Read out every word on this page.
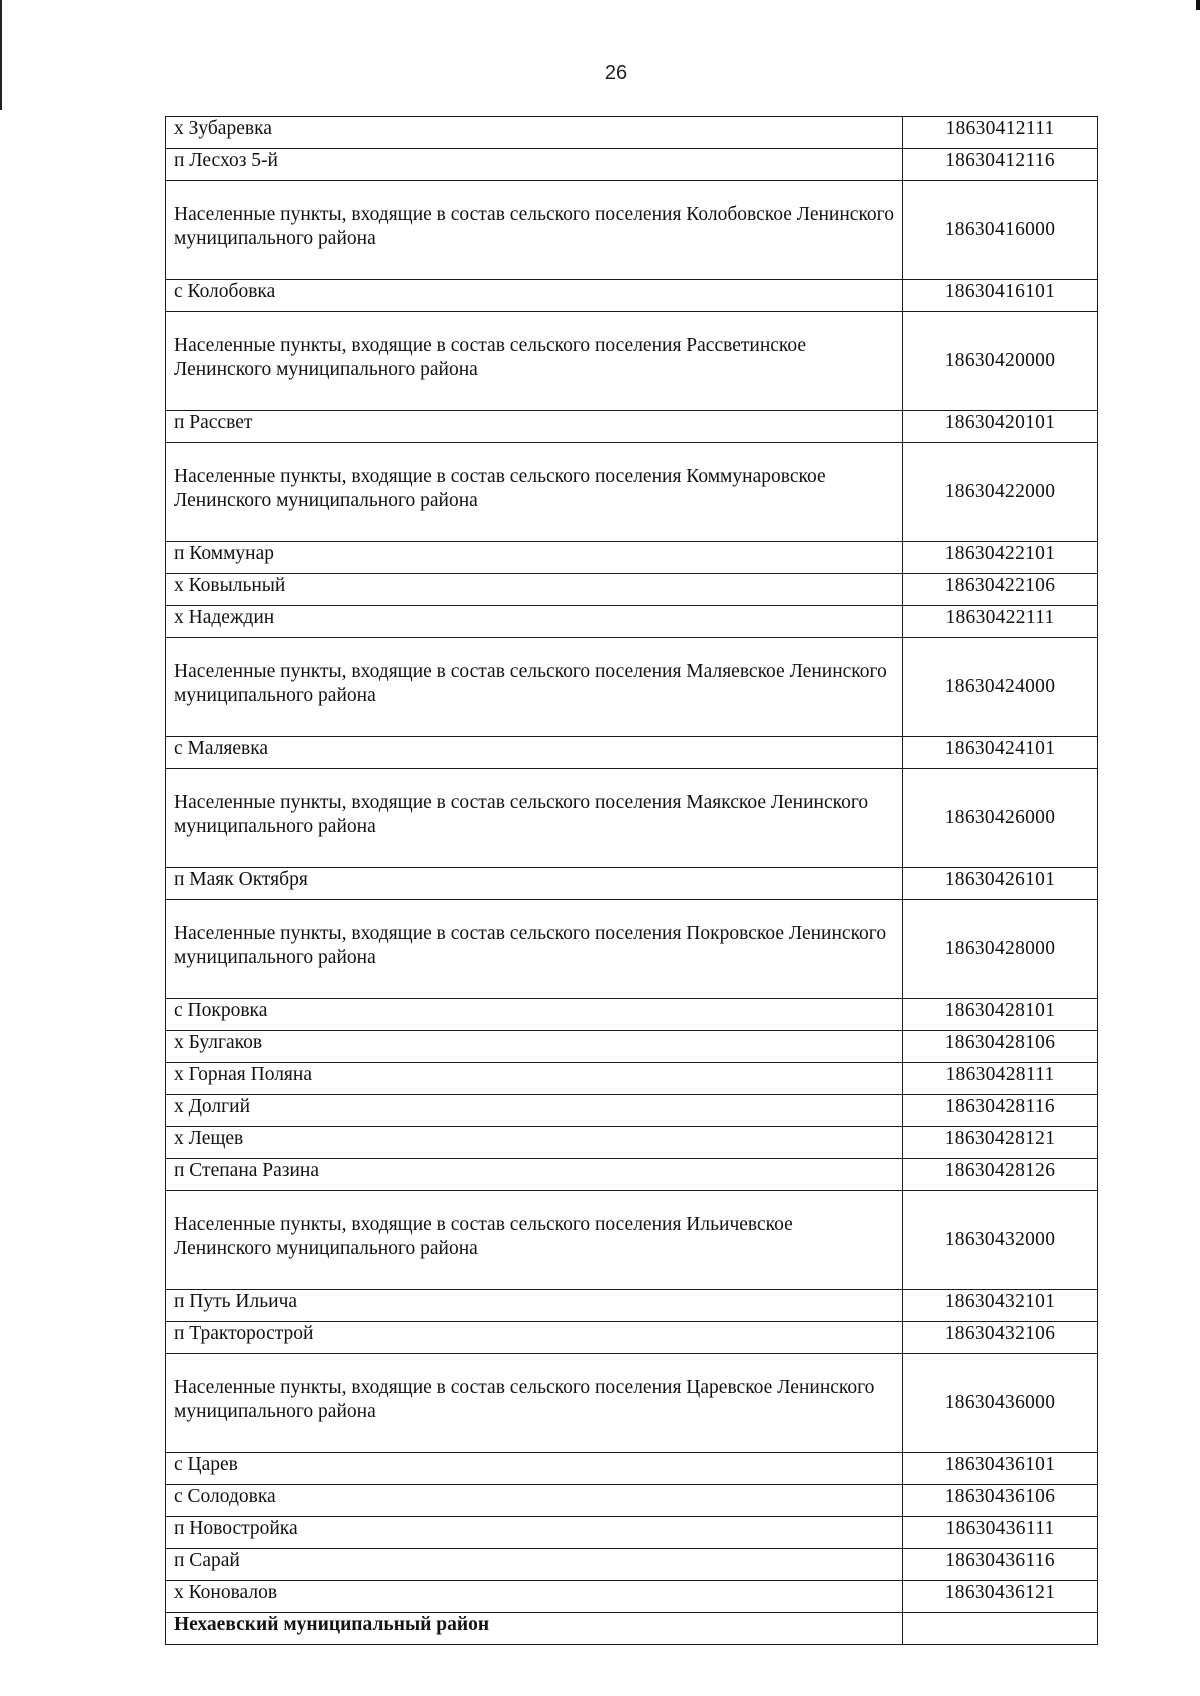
26
х Зубаревка	18630412111
п Лесхоз 5-й	18630412116
Населенные пункты, входящие в состав сельского поселения Колобовское Ленинского муниципального района	18630416000
с Колобовка	18630416101
Населенные пункты, входящие в состав сельского поселения Рассветинское Ленинского муниципального района	18630420000
п Рассвет	18630420101
Населенные пункты, входящие в состав сельского поселения Коммунаровское Ленинского муниципального района	18630422000
п Коммунар	18630422101
х Ковыльный	18630422106
х Надеждин	18630422111
Населенные пункты, входящие в состав сельского поселения Маляевское Ленинского муниципального района	18630424000
с Маляевка	18630424101
Населенные пункты, входящие в состав сельского поселения Маякское Ленинского муниципального района	18630426000
п Маяк Октября	18630426101
Населенные пункты, входящие в состав сельского поселения Покровское Ленинского муниципального района	18630428000
с Покровка	18630428101
х Булгаков	18630428106
х Горная Поляна	18630428111
х Долгий	18630428116
х Лещев	18630428121
п Степана Разина	18630428126
Населенные пункты, входящие в состав сельского поселения Ильичевское Ленинского муниципального района	18630432000
п Путь Ильича	18630432101
п Тракторострой	18630432106
Населенные пункты, входящие в состав сельского поселения Царевское Ленинского муниципального района	18630436000
с Царев	18630436101
с Солодовка	18630436106
п Новостройка	18630436111
п Сарай	18630436116
х Коновалов	18630436121
Нехаевский муниципальный район	
